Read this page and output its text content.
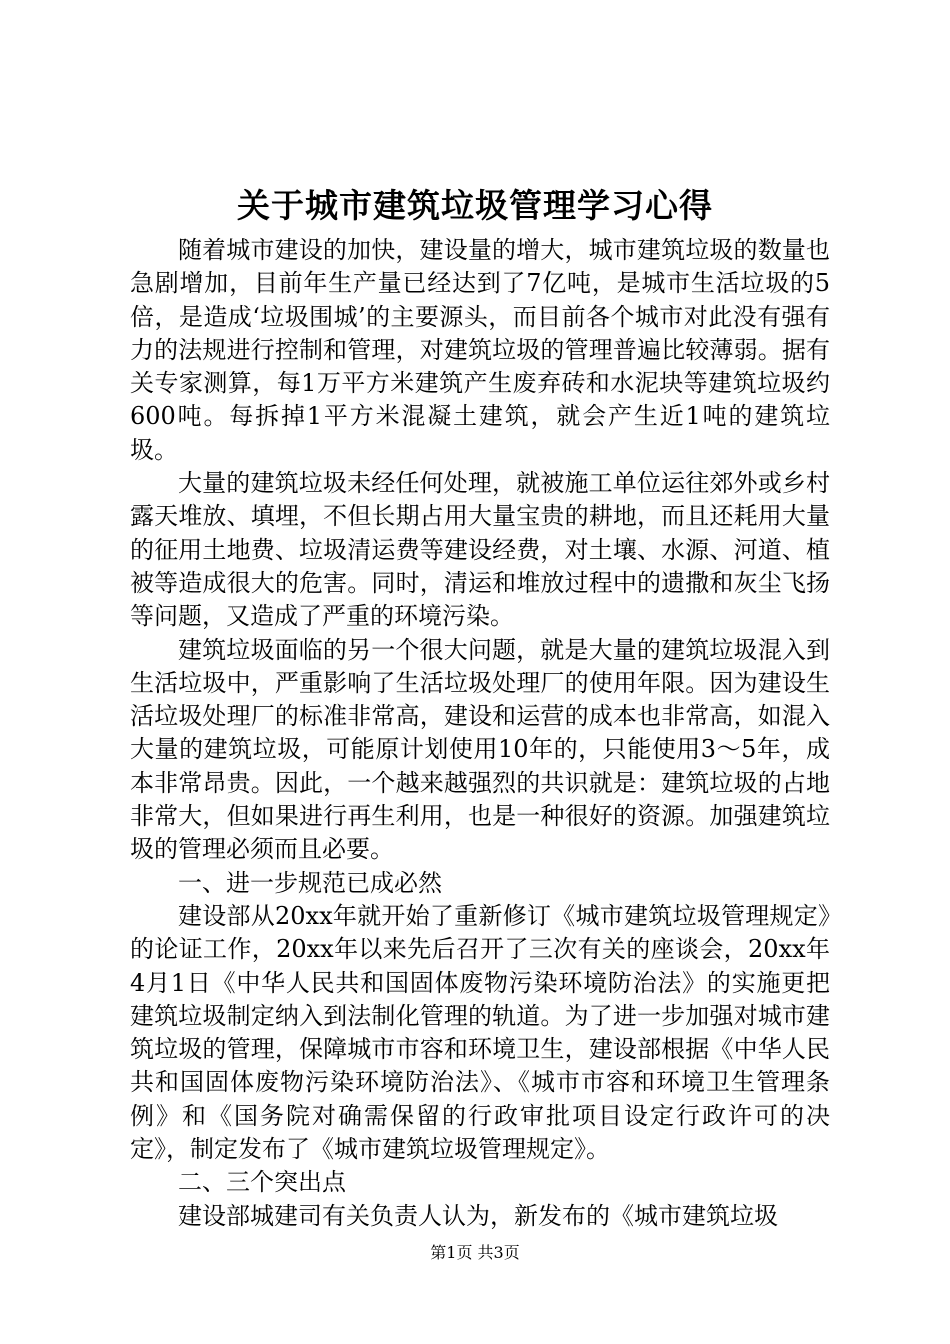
关于城市建筑垃圾管理学习心得

随着城市建设的加快，建设量的增大，城市建筑垃圾的数量也急剧增加，目前年生产量已经达到了7亿吨，是城市生活垃圾的5倍，是造成‘垃圾围城’的主要源头，而目前各个城市对此没有强有力的法规进行控制和管理，对建筑垃圾的管理普遍比较薄弱。据有关专家测算，每1万平方米建筑产生废弃砖和水泥块等建筑垃圾约600吨。每拆掉1平方米混凝土建筑，就会产生近1吨的建筑垃圾。

大量的建筑垃圾未经任何处理，就被施工单位运往郊外或乡村露天堆放、填埋，不但长期占用大量宝贵的耕地，而且还耗用大量的征用土地费、垃圾清运费等建设经费，对土壤、水源、河道、植被等造成很大的危害。同时，清运和堆放过程中的遗撒和灰尘飞扬等问题，又造成了严重的环境污染。

建筑垃圾面临的另一个很大问题，就是大量的建筑垃圾混入到生活垃圾中，严重影响了生活垃圾处理厂的使用年限。因为建设生活垃圾处理厂的标准非常高，建设和运营的成本也非常高，如混入大量的建筑垃圾，可能原计划使用10年的，只能使用3～5年，成本非常昂贵。因此，一个越来越强烈的共识就是：建筑垃圾的占地非常大，但如果进行再生利用，也是一种很好的资源。加强建筑垃圾的管理必须而且必要。

一、进一步规范已成必然

建设部从20xx年就开始了重新修订《城市建筑垃圾管理规定》的论证工作，20xx年以来先后召开了三次有关的座谈会，20xx年4月1日《中华人民共和国固体废物污染环境防治法》的实施更把建筑垃圾制定纳入到法制化管理的轨道。为了进一步加强对城市建筑垃圾的管理，保障城市市容和环境卫生，建设部根据《中华人民共和国固体废物污染环境防治法》、《城市市容和环境卫生管理条例》和《国务院对确需保留的行政审批项目设定行政许可的决定》，制定发布了《城市建筑垃圾管理规定》。

二、三个突出点

建设部城建司有关负责人认为，新发布的《城市建筑垃圾

第1页 共3页
